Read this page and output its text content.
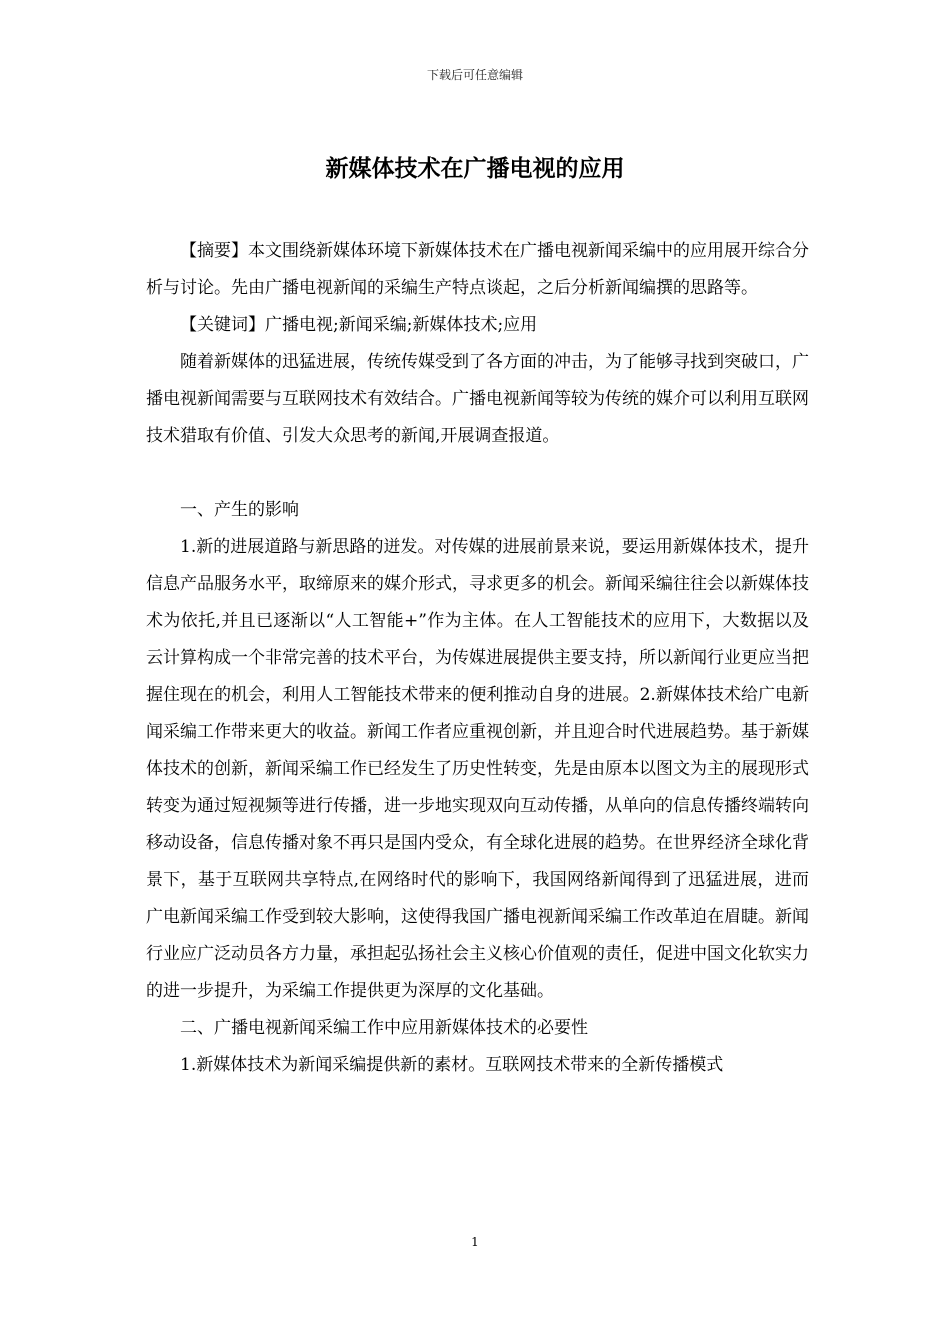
下载后可任意编辑
新媒体技术在广播电视的应用

【摘要】本文围绕新媒体环境下新媒体技术在广播电视新闻采编中的应用展开综合分析与讨论。先由广播电视新闻的采编生产特点谈起，之后分析新闻编撰的思路等。

【关键词】广播电视;新闻采编;新媒体技术;应用

随着新媒体的迅猛进展，传统传媒受到了各方面的冲击，为了能够寻找到突破口，广播电视新闻需要与互联网技术有效结合。广播电视新闻等较为传统的媒介可以利用互联网技术猎取有价值、引发大众思考的新闻,开展调查报道。

一、产生的影响

1.新的进展道路与新思路的迸发。对传媒的进展前景来说，要运用新媒体技术，提升信息产品服务水平，取缔原来的媒介形式，寻求更多的机会。新闻采编往往会以新媒体技术为依托,并且已逐渐以“人工智能+”作为主体。在人工智能技术的应用下，大数据以及云计算构成一个非常完善的技术平台，为传媒进展提供主要支持，所以新闻行业更应当把握住现在的机会，利用人工智能技术带来的便利推动自身的进展。2.新媒体技术给广电新闻采编工作带来更大的收益。新闻工作者应重视创新，并且迎合时代进展趋势。基于新媒体技术的创新，新闻采编工作已经发生了历史性转变，先是由原本以图文为主的展现形式转变为通过短视频等进行传播，进一步地实现双向互动传播，从单向的信息传播终端转向移动设备，信息传播对象不再只是国内受众，有全球化进展的趋势。在世界经济全球化背景下，基于互联网共享特点,在网络时代的影响下，我国网络新闻得到了迅猛进展，进而广电新闻采编工作受到较大影响，这使得我国广播电视新闻采编工作改革迫在眉睫。新闻行业应广泛动员各方力量，承担起弘扬社会主义核心价值观的责任，促进中国文化软实力的进一步提升，为采编工作提供更为深厚的文化基础。

二、广播电视新闻采编工作中应用新媒体技术的必要性

1.新媒体技术为新闻采编提供新的素材。互联网技术带来的全新传播模式

1
